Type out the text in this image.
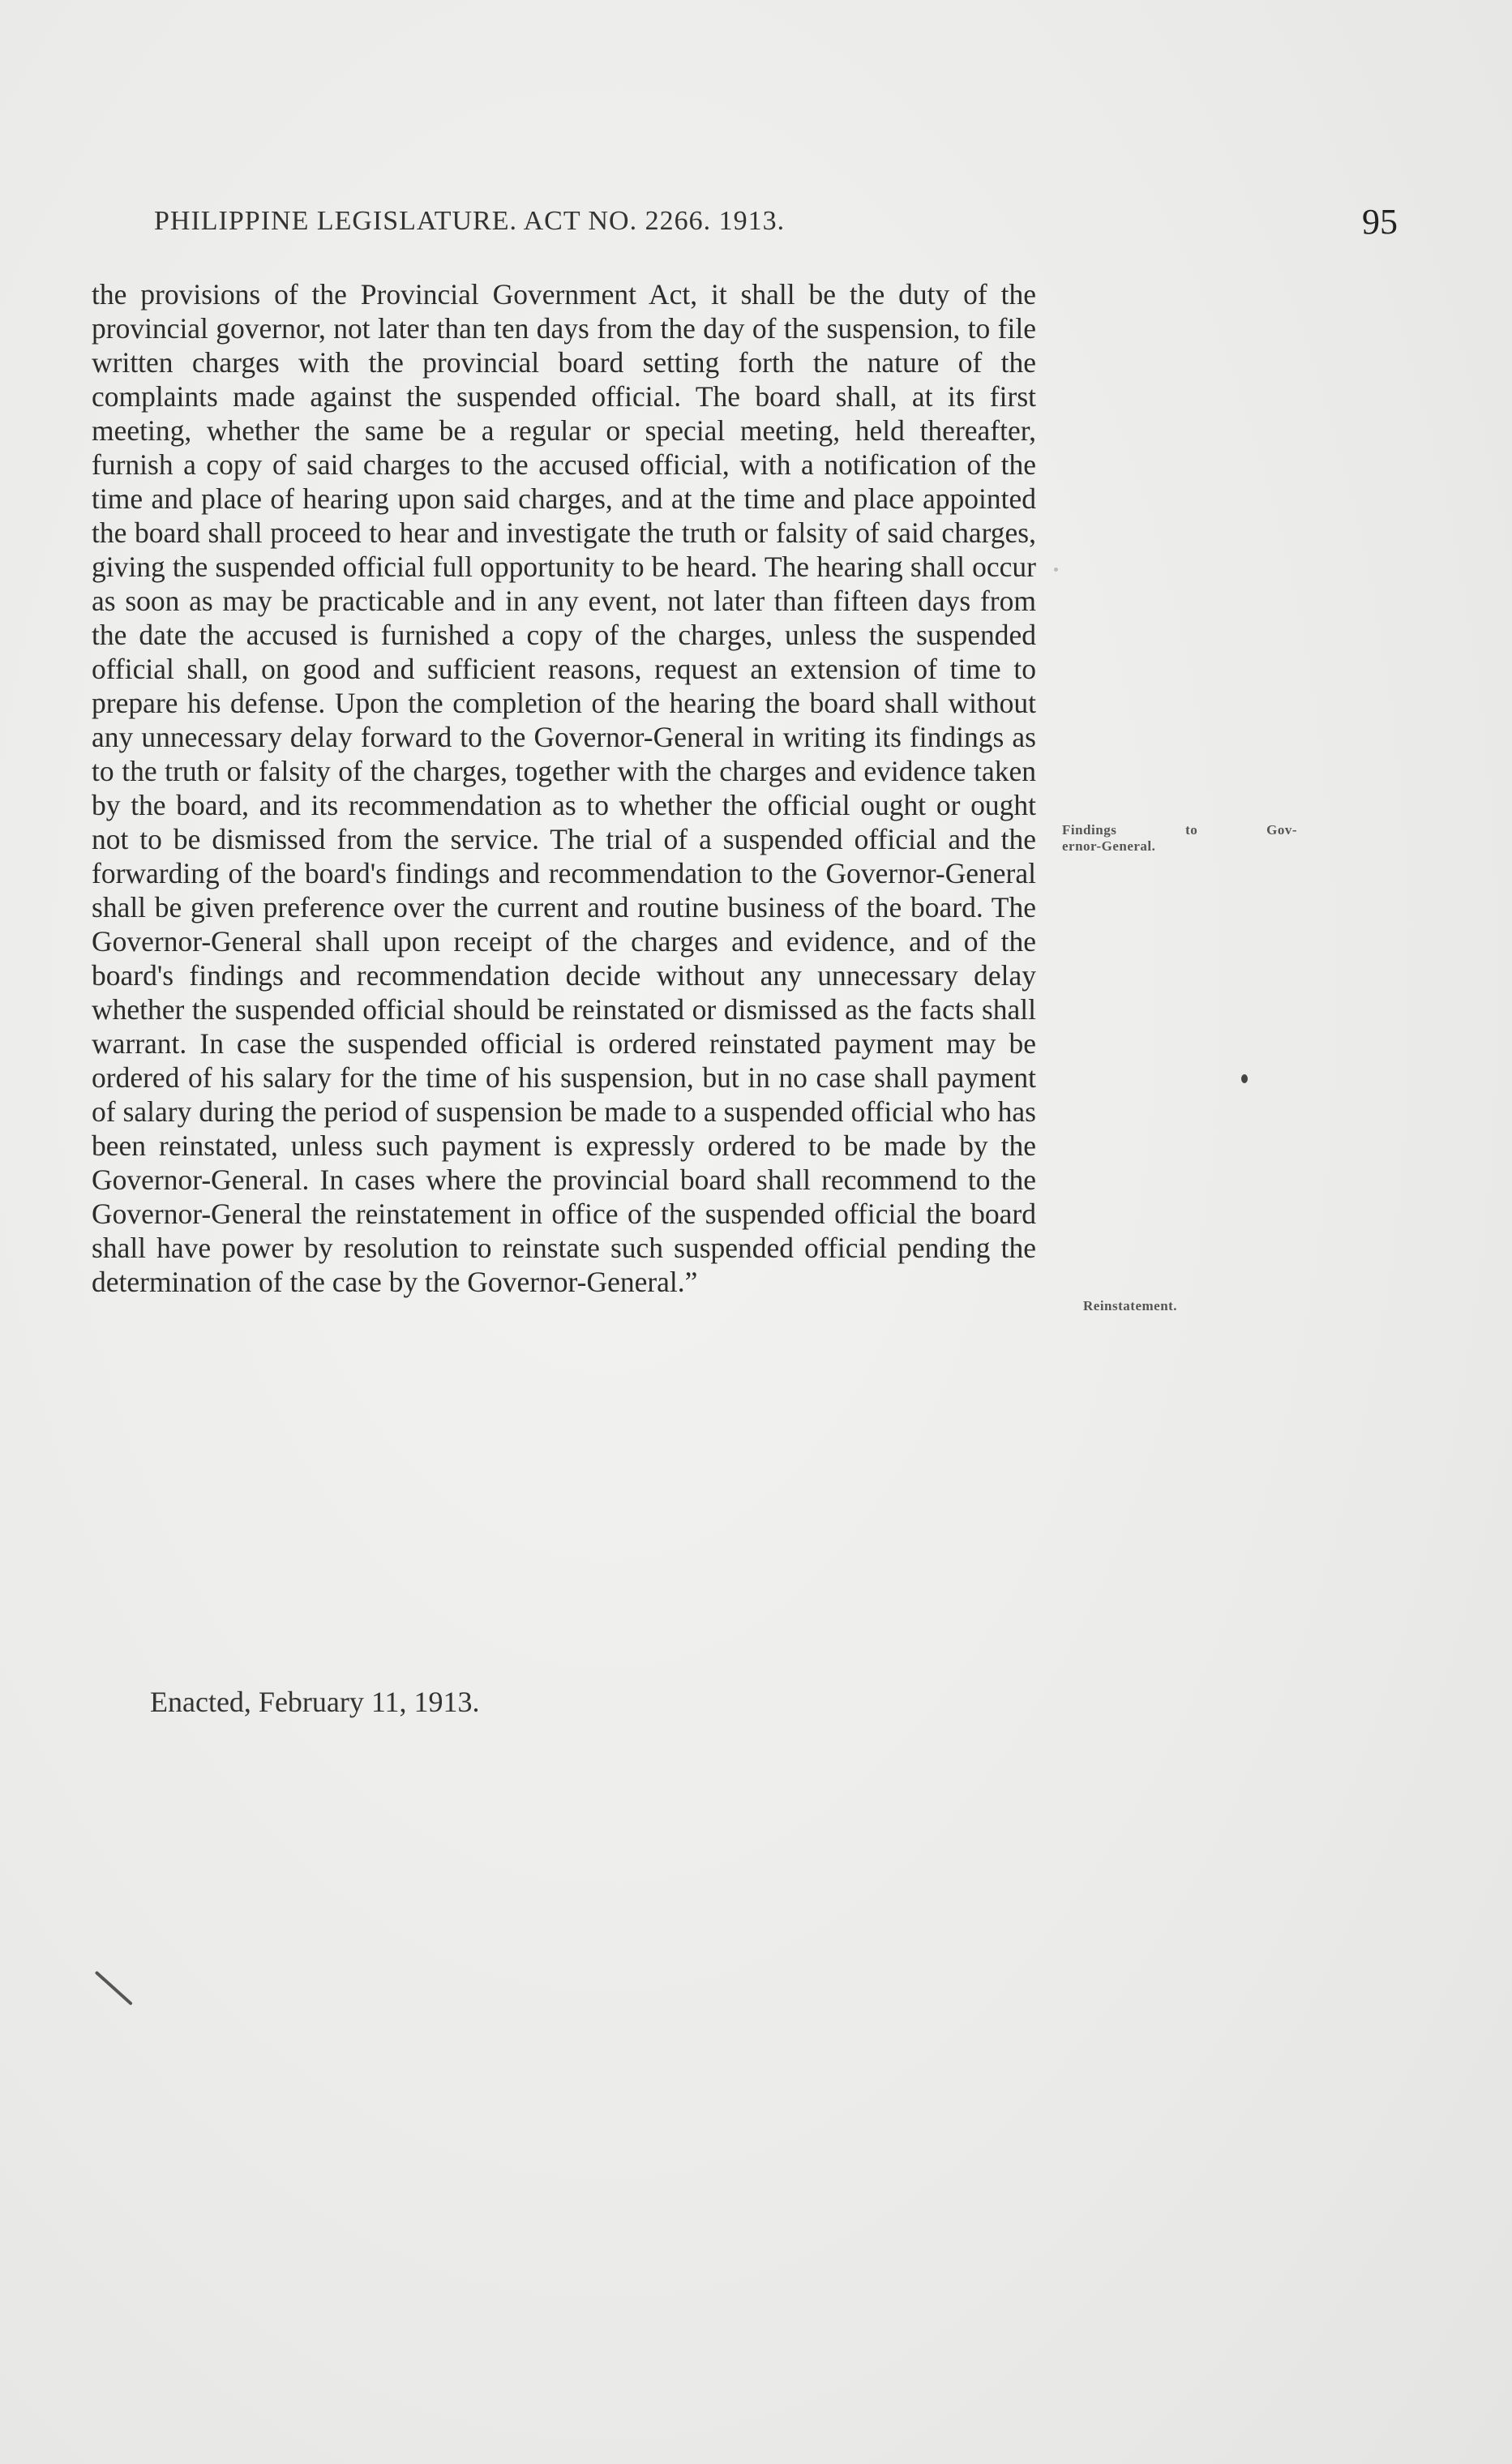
PHILIPPINE LEGISLATURE. ACT NO. 2266. 1913.	95

the provisions of the Provincial Government Act, it shall be the duty of the provincial governor, not later than ten days from the day of the suspension, to file written charges with the provincial board setting forth the nature of the complaints made against the suspended official. The board shall, at its first meeting, whether the same be a regular or special meeting, held thereafter, furnish a copy of said charges to the accused official, with a notification of the time and place of hearing upon said charges, and at the time and place appointed the board shall proceed to hear and investigate the truth or falsity of said charges, giving the suspended official full opportunity to be heard. The hearing shall occur as soon as may be practicable and in any event, not later than fifteen days from the date the accused is furnished a copy of the charges, unless the suspended official shall, on good and sufficient reasons, request an extension of time to prepare his defense. Upon the completion of the hearing the board shall without any unnecessary delay forward to the Governor-General in writing its findings as to the truth or falsity of the charges, together with the charges and evidence taken by the board, and its recommendation as to whether the official ought or ought not to be dismissed from the service. The trial of a suspended official and the forwarding of the board's findings and recommendation to the Governor-General shall be given preference over the current and routine business of the board. The Governor-General shall upon receipt of the charges and evidence, and of the board's findings and recommendation decide without any unnecessary delay whether the suspended official should be reinstated or dismissed as the facts shall warrant. In case the suspended official is ordered reinstated payment may be ordered of his salary for the time of his suspension, but in no case shall payment of salary during the period of suspension be made to a suspended official who has been reinstated, unless such payment is expressly ordered to be made by the Governor-General. In cases where the provincial board shall recommend to the Governor-General the reinstatement in office of the suspended official the board shall have power by resolution to reinstate such suspended official pending the determination of the case by the Governor-General.”

Enacted, February 11, 1913.
Findings to Gov-
ernor-General.
Reinstatement.
